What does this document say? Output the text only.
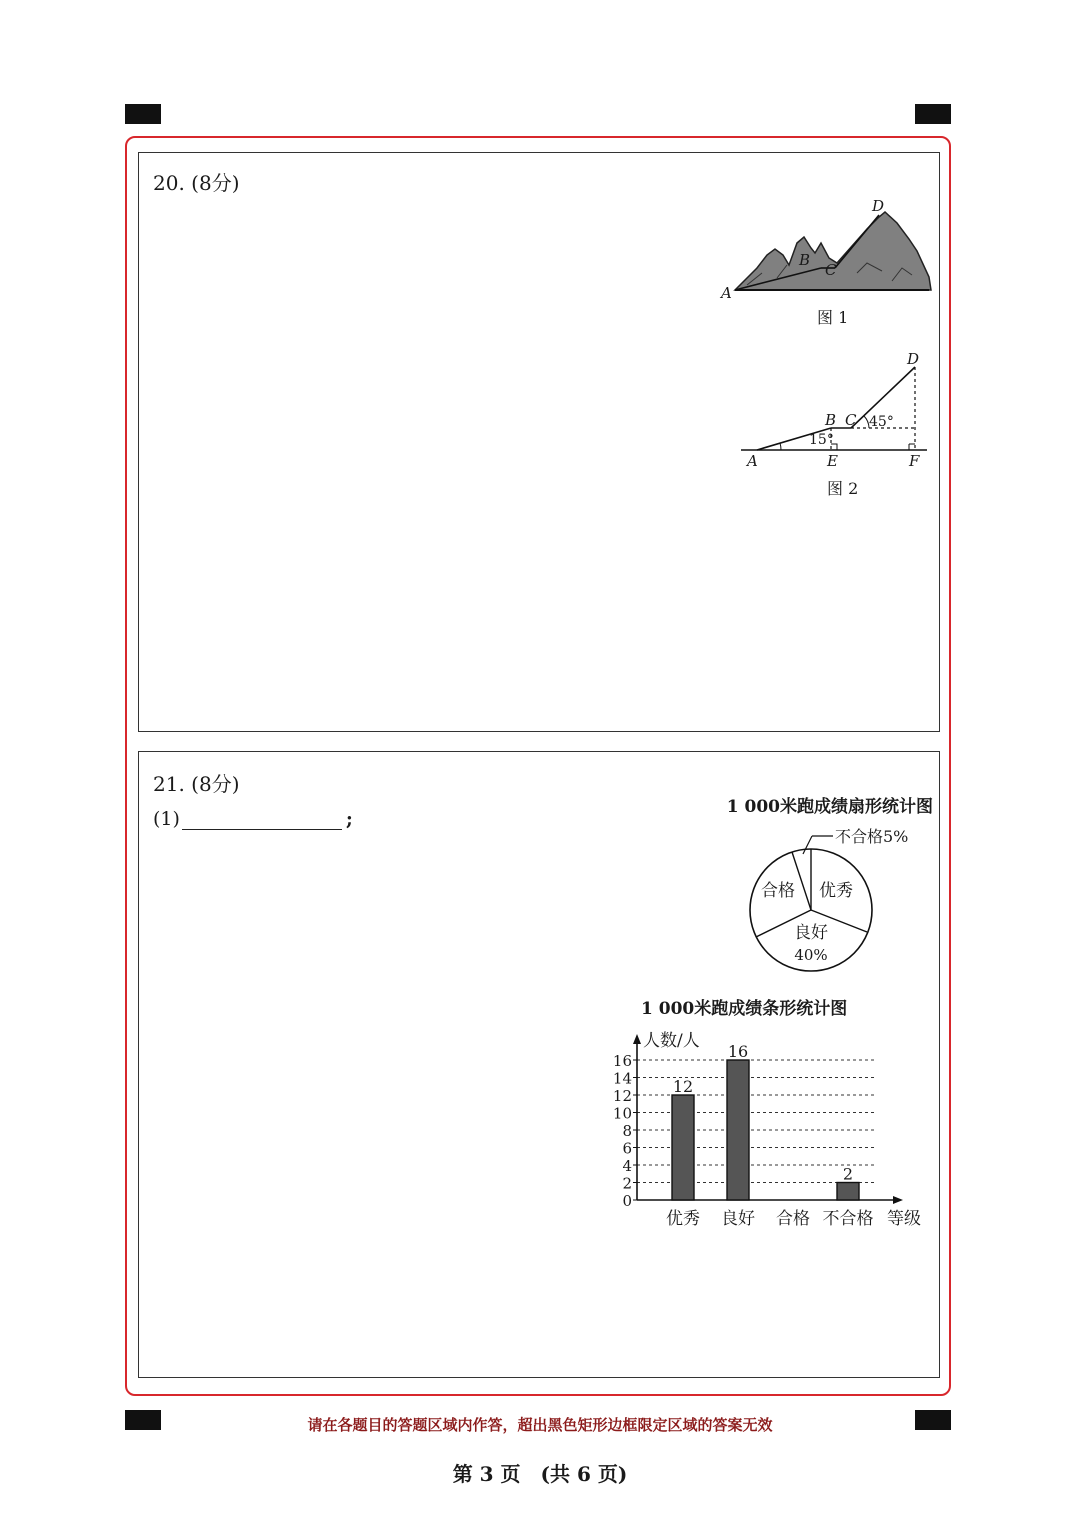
20. (8分)
A
B
C
D
图 1
A
B C
D
E	F
15°
45°
图 2
21. (8分)
(1)	;
1 000米跑成绩扇形统计图
不合格5%
优秀
合格
良好
40%
1 000米跑成绩条形统计图
人数/人
等级
0
2
4
6
8
10
12
14
16
12
优秀
16
良好 合格
2
不合格
请在各题目的答题区域内作答，超出黑色矩形边框限定区域的答案无效
第 3 页　(共 6 页)
